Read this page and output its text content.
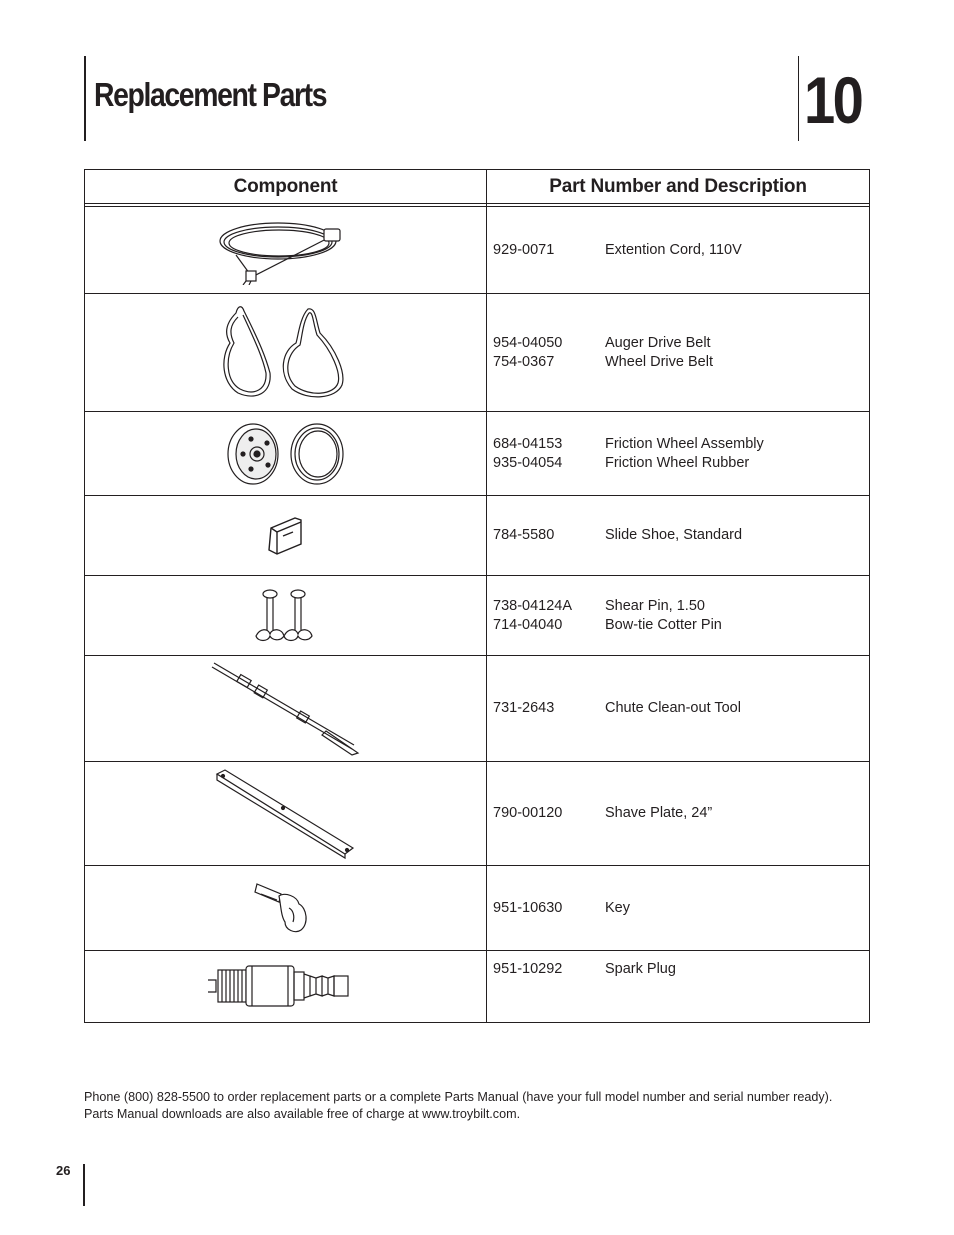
Replacement Parts	10
Component	Part Number and Description

929-0071 Extention Cord, 110V

954-04050 Auger Drive Belt
754-0367 Wheel Drive Belt

684-04153 Friction Wheel Assembly
935-04054 Friction Wheel Rubber

784-5580 Slide Shoe, Standard

738-04124A Shear Pin, 1.50
714-04040 Bow-tie Cotter Pin

731-2643 Chute Clean-out Tool

790-00120 Shave Plate, 24”

951-10630 Key

951-10292 Spark Plug
Phone (800) 828-5500 to order replacement parts or a complete Parts Manual (have your full model number and serial number ready).
Parts Manual downloads are also available free of charge at www.troybilt.com.
26
